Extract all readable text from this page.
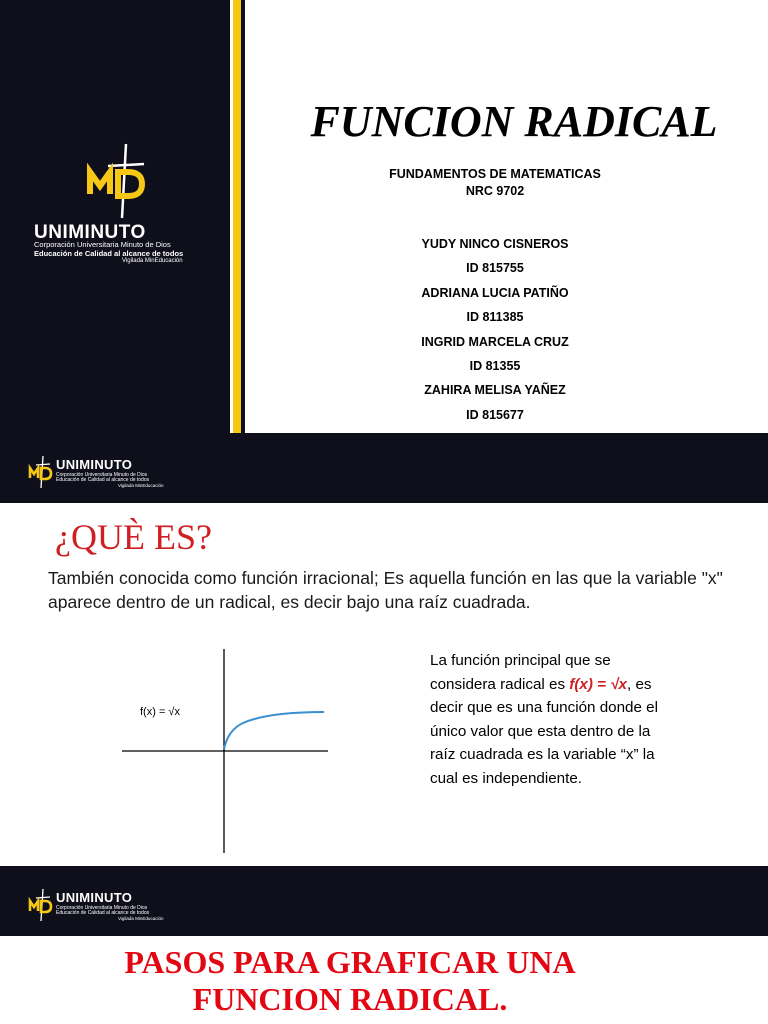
UNIMINUTO
Corporación Universitaria Minuto de Dios
Educación de Calidad al alcance de todos
Vigilada MinEducación
FUNCION RADICAL
FUNDAMENTOS DE MATEMATICAS
NRC 9702
YUDY NINCO CISNEROS
ID 815755
ADRIANA LUCIA PATIÑO
ID 811385
INGRID MARCELA CRUZ
ID 81355
ZAHIRA MELISA YAÑEZ
ID 815677
UNIMINUTO
Corporación Universitaria Minuto de Dios
Educación de Calidad al alcance de todos
Vigilada MinEducación
¿QUÈ ES?
También conocida como función irracional; Es aquella función en las que la variable "x" aparece dentro de un radical, es decir bajo una raíz cuadrada.
f(x) = √x
La función principal que se considera radical es f(x) = √x, es decir que es una función donde el único valor que esta dentro de la raíz cuadrada es la variable “x” la cual es independiente.
UNIMINUTO
Corporación Universitaria Minuto de Dios
Educación de Calidad al alcance de todos
Vigilada MinEducación
PASOS PARA GRAFICAR UNA
FUNCION RADICAL.
